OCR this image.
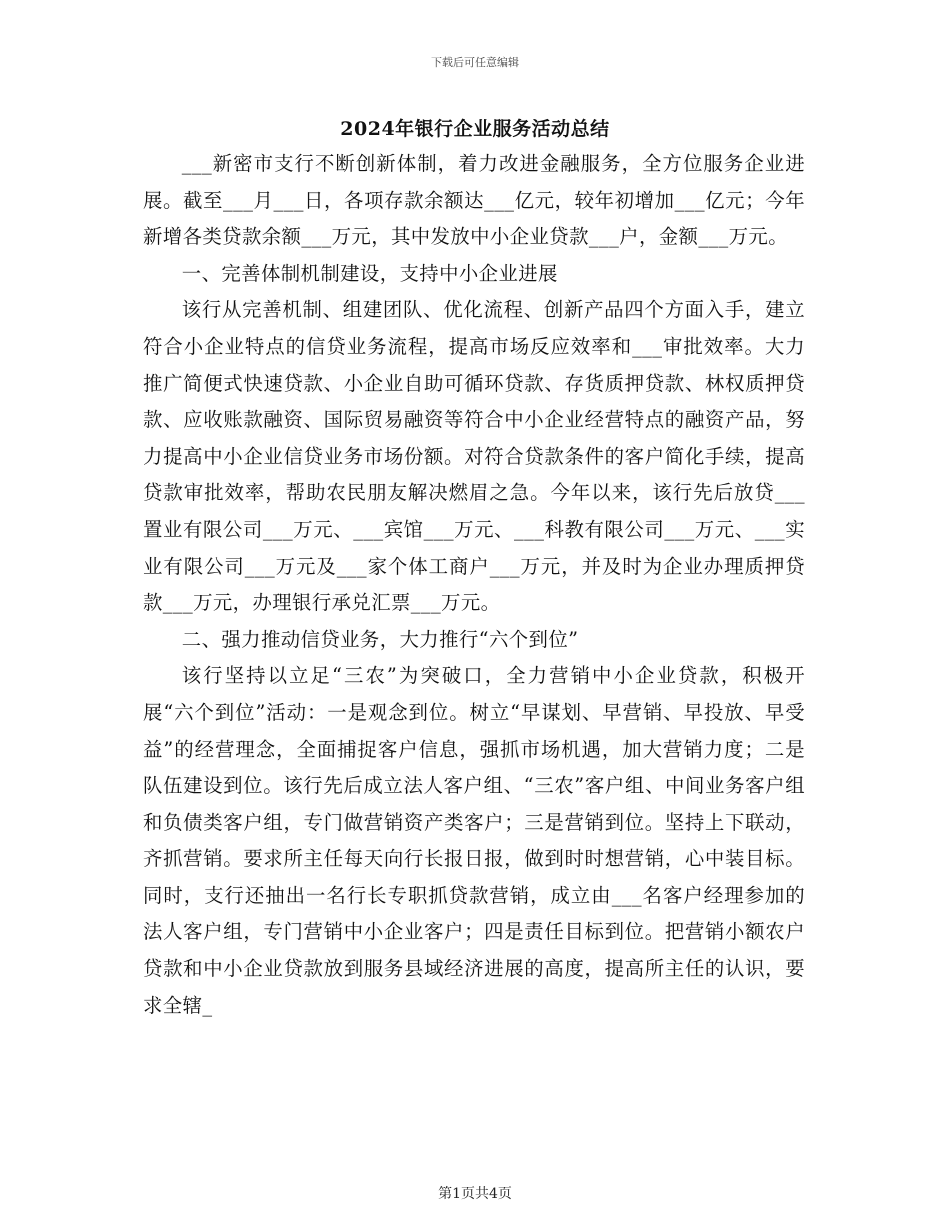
下载后可任意编辑
2024年银行企业服务活动总结

___新密市支行不断创新体制，着力改进金融服务，全方位服务企业进展。截至___月___日，各项存款余额达___亿元，较年初增加___亿元；今年新增各类贷款余额___万元，其中发放中小企业贷款___户，金额___万元。

一、完善体制机制建设，支持中小企业进展

该行从完善机制、组建团队、优化流程、创新产品四个方面入手，建立符合小企业特点的信贷业务流程，提高市场反应效率和___审批效率。大力推广简便式快速贷款、小企业自助可循环贷款、存货质押贷款、林权质押贷款、应收账款融资、国际贸易融资等符合中小企业经营特点的融资产品，努力提高中小企业信贷业务市场份额。对符合贷款条件的客户简化手续，提高贷款审批效率，帮助农民朋友解决燃眉之急。今年以来，该行先后放贷___置业有限公司___万元、___宾馆___万元、___科教有限公司___万元、___实业有限公司___万元及___家个体工商户___万元，并及时为企业办理质押贷款___万元，办理银行承兑汇票___万元。

二、强力推动信贷业务，大力推行“六个到位”

该行坚持以立足“三农”为突破口，全力营销中小企业贷款，积极开展“六个到位”活动：一是观念到位。树立“早谋划、早营销、早投放、早受益”的经营理念，全面捕捉客户信息，强抓市场机遇，加大营销力度；二是队伍建设到位。该行先后成立法人客户组、“三农”客户组、中间业务客户组和负债类客户组，专门做营销资产类客户；三是营销到位。坚持上下联动，齐抓营销。要求所主任每天向行长报日报，做到时时想营销，心中装目标。同时，支行还抽出一名行长专职抓贷款营销，成立由___名客户经理参加的法人客户组，专门营销中小企业客户；四是责任目标到位。把营销小额农户贷款和中小企业贷款放到服务县域经济进展的高度，提高所主任的认识，要求全辖_

第1页共4页
